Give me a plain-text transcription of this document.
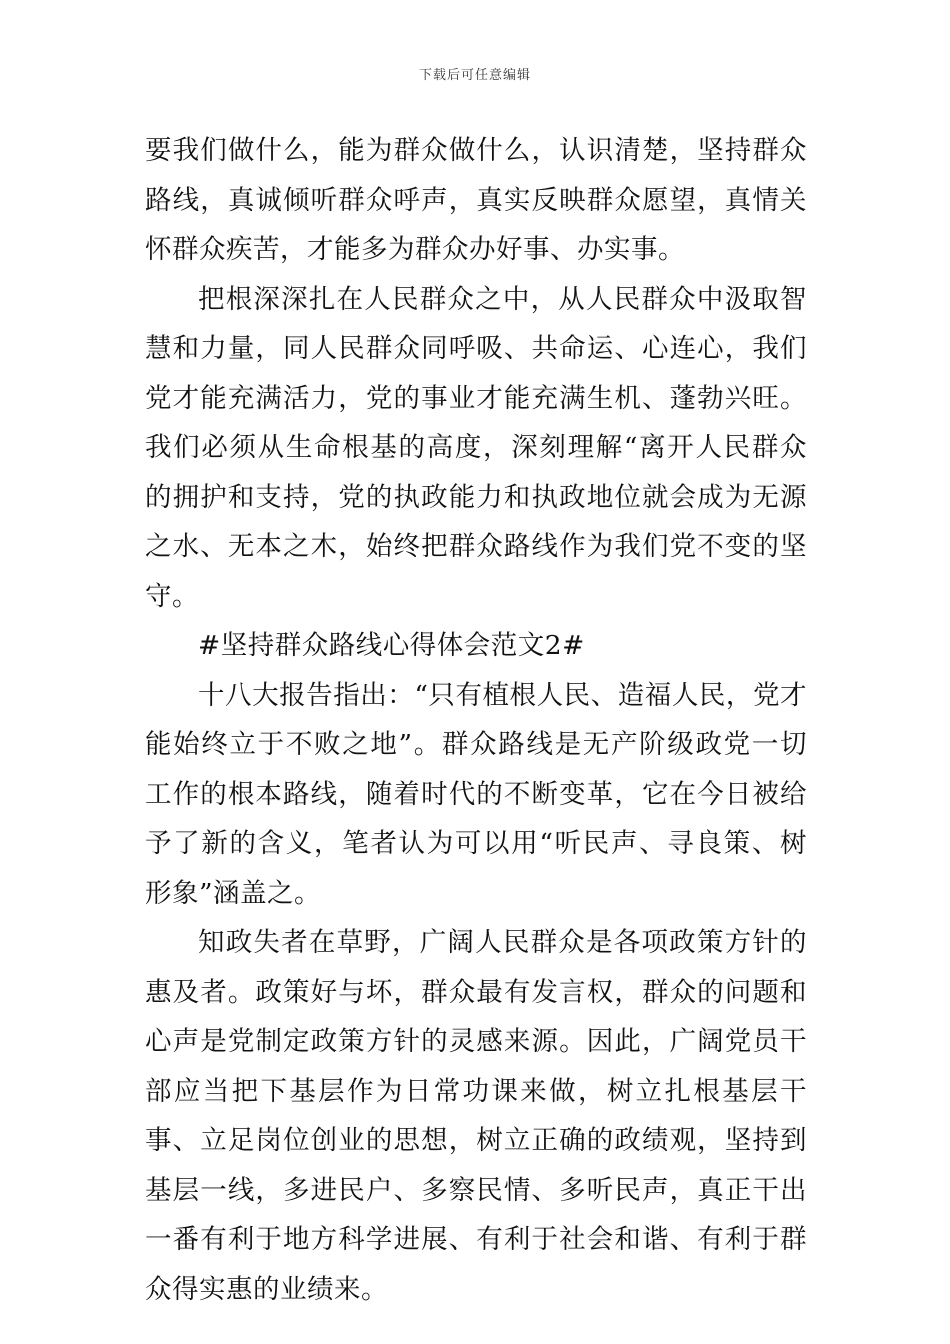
下载后可任意编辑

要我们做什么，能为群众做什么，认识清楚，坚持群众路线，真诚倾听群众呼声，真实反映群众愿望，真情关怀群众疾苦，才能多为群众办好事、办实事。

把根深深扎在人民群众之中，从人民群众中汲取智慧和力量，同人民群众同呼吸、共命运、心连心，我们党才能充满活力，党的事业才能充满生机、蓬勃兴旺。我们必须从生命根基的高度，深刻理解“离开人民群众的拥护和支持，党的执政能力和执政地位就会成为无源之水、无本之木，始终把群众路线作为我们党不变的坚守。

#坚持群众路线心得体会范文2#

十八大报告指出：“只有植根人民、造福人民，党才能始终立于不败之地”。群众路线是无产阶级政党一切工作的根本路线，随着时代的不断变革，它在今日被给予了新的含义，笔者认为可以用“听民声、寻良策、树形象”涵盖之。

知政失者在草野，广阔人民群众是各项政策方针的惠及者。政策好与坏，群众最有发言权，群众的问题和心声是党制定政策方针的灵感来源。因此，广阔党员干部应当把下基层作为日常功课来做，树立扎根基层干事、立足岗位创业的思想，树立正确的政绩观，坚持到基层一线，多进民户、多察民情、多听民声，真正干出一番有利于地方科学进展、有利于社会和谐、有利于群众得实惠的业绩来。
